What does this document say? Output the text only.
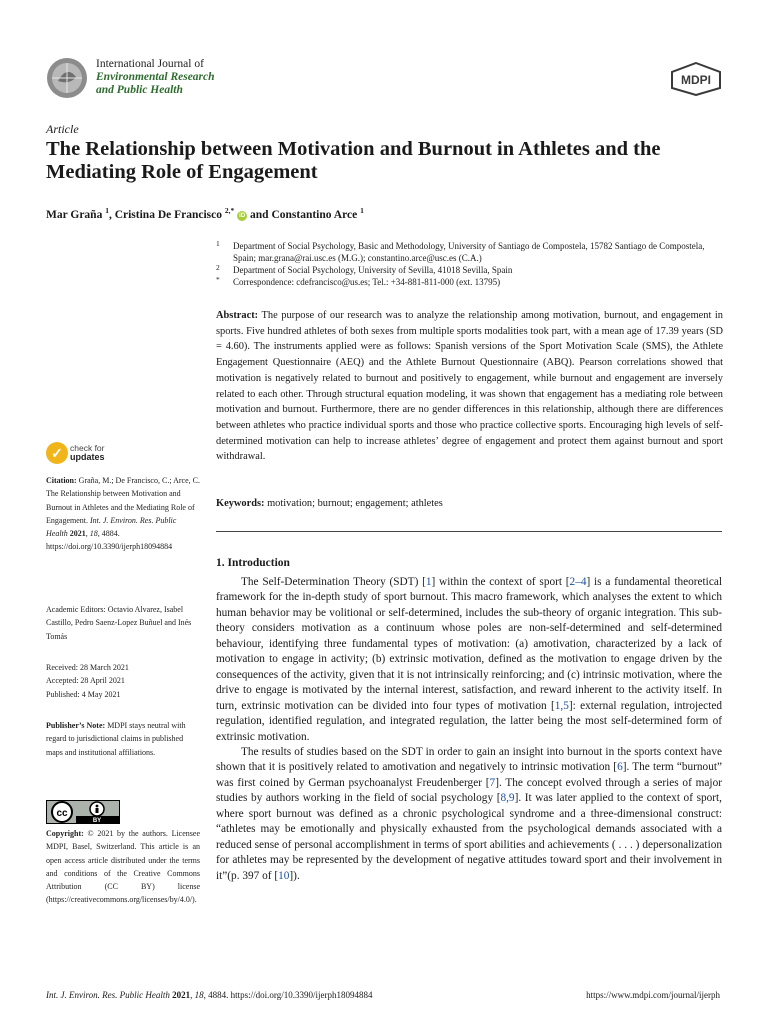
International Journal of
Environmental Research
and Public Health
MDPI
Article
The Relationship between Motivation and Burnout in Athletes and the Mediating Role of Engagement
Mar Graña $^1$, Cristina De Francisco $^{2,*}$ iD and Constantino Arce $^1$
1 Department of Social Psychology, Basic and Methodology, University of Santiago de Compostela, 15782 Santiago de Compostela, Spain; mar.grana@rai.usc.es (M.G.); constantino.arce@usc.es (C.A.)
2 Department of Social Psychology, University of Sevilla, 41018 Sevilla, Spain
* Correspondence: cdefrancisco@us.es; Tel.: +34-881-811-000 (ext. 13795)
Abstract: The purpose of our research was to analyze the relationship among motivation, burnout, and engagement in sports. Five hundred athletes of both sexes from multiple sports modalities took part, with a mean age of 17.39 years (SD = 4.60). The instruments applied were as follows: Spanish versions of the Sport Motivation Scale (SMS), the Athlete Engagement Questionnaire (AEQ) and the Athlete Burnout Questionnaire (ABQ). Pearson correlations showed that motivation is negatively related to burnout and positively to engagement, while burnout and engagement are inversely related to each other. Through structural equation modeling, it was shown that engagement has a mediating role between motivation and burnout. Furthermore, there are no gender differences in this relationship, although there are differences between athletes who practice individual sports and those who practice collective sports. Encouraging high levels of self-determined motivation can help to increase athletes’ degree of engagement and protect them against burnout and sport withdrawal.
Keywords: motivation; burnout; engagement; athletes
1. Introduction

The Self-Determination Theory (SDT) [1] within the context of sport [2–4] is a fundamental theoretical framework for the in-depth study of sport burnout. This macro framework, which analyses the extent to which human behavior may be volitional or self-determined, includes the sub-theory of organic integration. This sub-theory considers motivation as a continuum whose poles are non-self-determined and self-determined behaviour, identifying three fundamental types of motivation: (a) amotivation, characterized by a lack of motivation to engage in activity; (b) extrinsic motivation, defined as the motivation to engage driven by the consequences of the activity, given that it is not intrinsically reinforcing; and (c) intrinsic motivation, where the drive to engage is motivated by the internal interest, satisfaction, and reward inherent to the activity itself. In turn, extrinsic motivation can be divided into four types of motivation [1,5]: external regulation, introjected regulation, identified regulation, and integrated regulation, the latter being the most self-determined form of extrinsic motivation.

The results of studies based on the SDT in order to gain an insight into burnout in the sports context have shown that it is positively related to amotivation and negatively to intrinsic motivation [6]. The term “burnout” was first coined by German psychoanalyst Freudenberger [7]. The concept evolved through a series of major studies by authors working in the field of social psychology [8,9]. It was later applied to the context of sport, where sport burnout was defined as a chronic psychological syndrome and a three-dimensional construct: “athletes may be emotionally and physically exhausted from the psychological demands associated with a reduced sense of personal accomplishment in terms of sport abilities and achievements ( . . . ) depersonalization for athletes may be represented by the development of negative attitudes toward sport and their involvement in it”(p. 397 of [10]).

✓ check for
updates
Citation: Graña, M.; De Francisco, C.; Arce, C. The Relationship between Motivation and Burnout in Athletes and the Mediating Role of Engagement. Int. J. Environ. Res. Public Health 2021, 18, 4884. https://doi.org/10.3390/ijerph18094884
Academic Editors: Octavio Alvarez, Isabel Castillo, Pedro Saenz-Lopez Buñuel and Inés Tomás
Received: 28 March 2021
Accepted: 28 April 2021
Published: 4 May 2021
Publisher’s Note: MDPI stays neutral with regard to jurisdictional claims in published maps and institutional affiliations.
cc
BY
Copyright: © 2021 by the authors. Licensee MDPI, Basel, Switzerland. This article is an open access article distributed under the terms and conditions of the Creative Commons Attribution (CC BY) license (https://creativecommons.org/licenses/by/4.0/).
Int. J. Environ. Res. Public Health 2021, 18, 4884. https://doi.org/10.3390/ijerph18094884	https://www.mdpi.com/journal/ijerph
